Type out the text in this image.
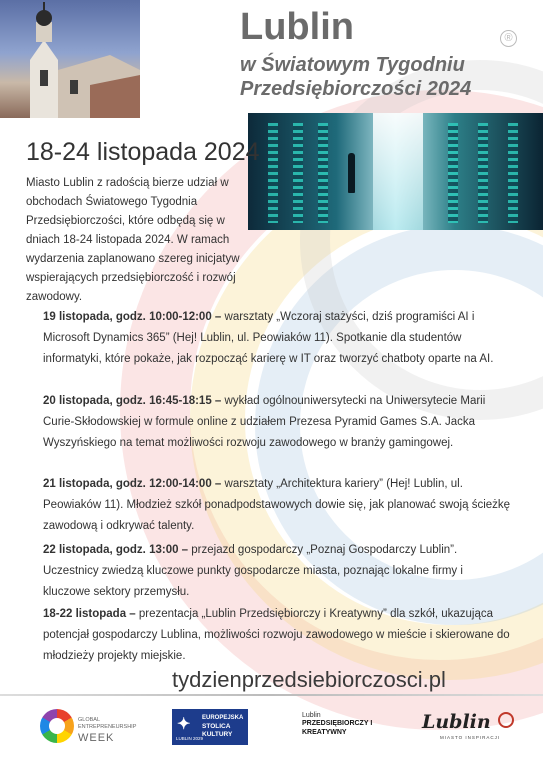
Lublin
w Światowym Tygodniu
Przedsiębiorczości 2024
®
18-24 listopada 2024
Miasto Lublin z radością bierze udział w obchodach Światowego Tygodnia Przedsiębiorczości, które odbędą się w dniach 18-24 listopada 2024. W ramach wydarzenia zaplanowano szereg inicjatyw wspierających przedsiębiorczość i rozwój zawodowy.
19 listopada, godz. 10:00-12:00 – warsztaty „Wczoraj stażyści, dziś programiści AI i Microsoft Dynamics 365” (Hej! Lublin, ul. Peowiaków 11). Spotkanie dla studentów informatyki, które pokaże, jak rozpocząć karierę w IT oraz tworzyć chatboty oparte na AI.
20 listopada, godz. 16:45-18:15 – wykład ogólnouniwersytecki na Uniwersytecie Marii Curie-Skłodowskiej w formule online z udziałem Prezesa Pyramid Games S.A. Jacka Wyszyńskiego na temat możliwości rozwoju zawodowego w branży gamingowej.
21 listopada, godz. 12:00-14:00 – warsztaty „Architektura kariery” (Hej! Lublin, ul. Peowiaków 11). Młodzież szkół ponadpodstawowych dowie się, jak planować swoją ścieżkę zawodową i odkrywać talenty.
22 listopada, godz. 13:00 – przejazd gospodarczy „Poznaj Gospodarczy Lublin”. Uczestnicy zwiedzą kluczowe punkty gospodarcze miasta, poznając lokalne firmy i kluczowe sektory przemysłu.
18-22 listopada – prezentacja „Lublin Przedsiębiorczy i Kreatywny” dla szkół, ukazująca potencjał gospodarczy Lublina, możliwości rozwoju zawodowego w mieście i skierowane do młodzieży projekty miejskie.
tydzienprzedsiebiorczosci.pl
GLOBAL ENTREPRENEURSHIP
WEEK
✦	EUROPEJSKA
STOLICA KULTURY
LUBLIN 2029
Lublin
PRZEDSIĘBIORCZY I KREATYWNY	Lublin
MIASTO INSPIRACJI
